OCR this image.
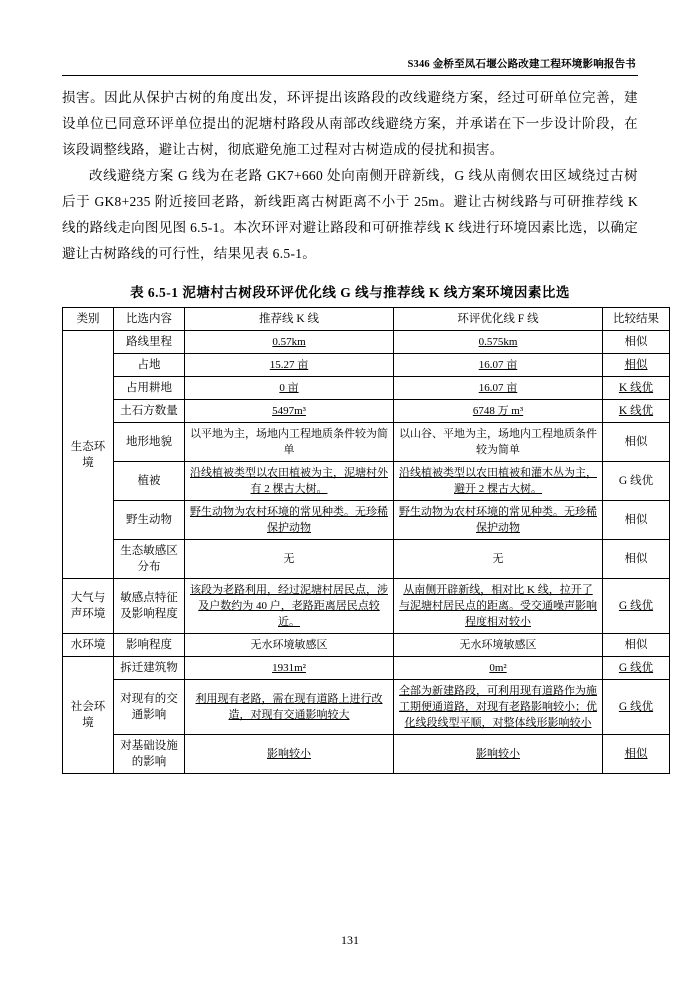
S346 金桥至凤石堰公路改建工程环境影响报告书
损害。因此从保护古树的角度出发，环评提出该路段的改线避绕方案，经过可研单位完善，建设单位已同意环评单位提出的泥塘村路段从南部改线避绕方案，并承诺在下一步设计阶段，在该段调整线路，避让古树，彻底避免施工过程对古树造成的侵扰和损害。
改线避绕方案 G 线为在老路 GK7+660 处向南侧开辟新线，G 线从南侧农田区域绕过古树后于 GK8+235 附近接回老路，新线距离古树距离不小于 25m。避让古树线路与可研推荐线 K 线的路线走向图见图 6.5-1。本次环评对避让路段和可研推荐线 K 线进行环境因素比选，以确定避让古树路线的可行性，结果见表 6.5-1。
表 6.5-1 泥塘村古树段环评优化线 G 线与推荐线 K 线方案环境因素比选
类别	比选内容	推荐线 K 线	环评优化线 F 线	比较结果
生态环境	路线里程	0.57km	0.575km	相似
	占地	15.27 亩	16.07 亩	相似
	占用耕地	0 亩	16.07 亩	K 线优
	土石方数量	5497m³	6748 万 m³	K 线优
	地形地貌	以平地为主，场地内工程地质条件较为简单	以山谷、平地为主，场地内工程地质条件较为简单	相似
	植被	沿线植被类型以农田植被为主，泥塘村外有 2 棵古大树。	沿线植被类型以农田植被和灌木丛为主，避开 2 棵古大树。	G 线优
	野生动物	野生动物为农村环境的常见种类。无珍稀保护动物	野生动物为农村环境的常见种类。无珍稀保护动物	相似
	生态敏感区分布	无	无	相似
大气与声环境	敏感点特征及影响程度	该段为老路利用，经过泥塘村居民点，涉及户数约为 40 户，老路距离居民点较近。	从南侧开辟新线，相对比 K 线，拉开了与泥塘村居民点的距离。受交通噪声影响程度相对较小	G 线优
水环境	影响程度	无水环境敏感区	无水环境敏感区	相似
社会环境	拆迁建筑物	1931m²	0m²	G 线优
	对现有的交通影响	利用现有老路，需在现有道路上进行改造，对现有交通影响较大	全部为新建路段，可利用现有道路作为施工期便通道路，对现有老路影响较小；优化线段线型平顺，对整体线形影响较小	G 线优
	对基础设施的影响	影响较小	影响较小	相似
131
